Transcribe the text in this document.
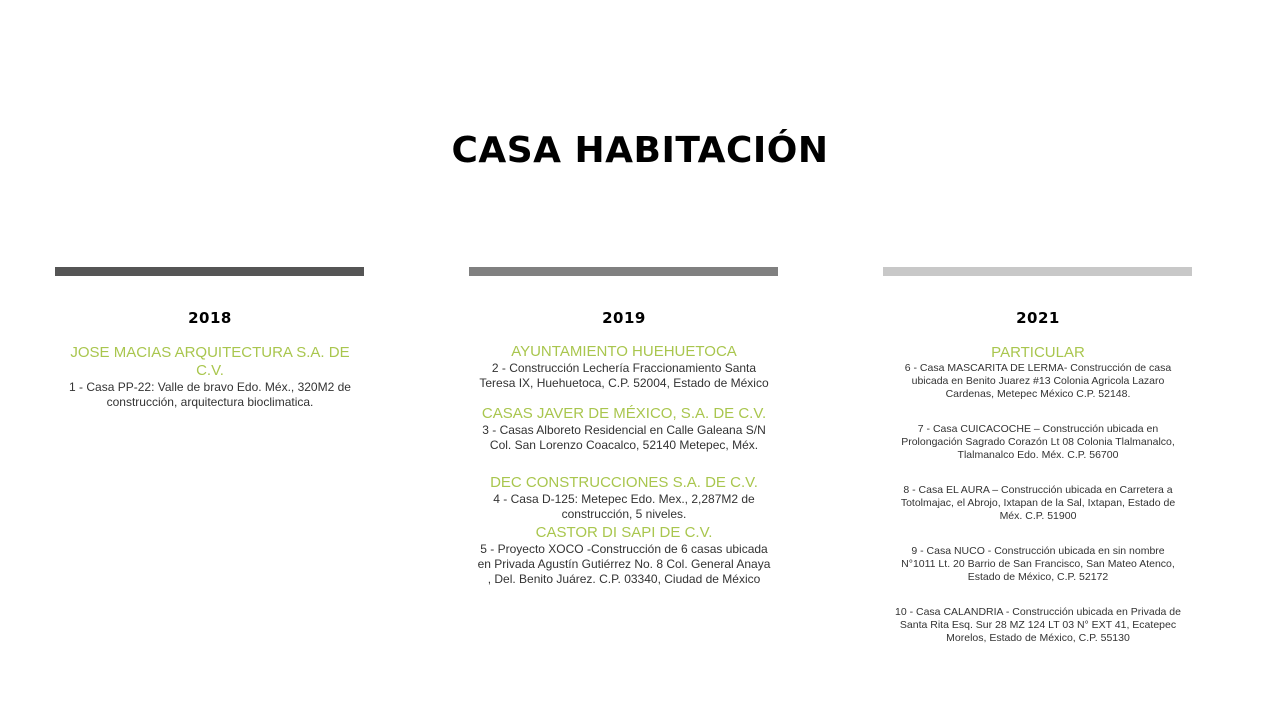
CASA HABITACIÓN
2018
JOSE MACIAS ARQUITECTURA S.A. DE C.V.
1 - Casa PP-22: Valle de bravo Edo. Méx., 320M2 de
construcción, arquitectura bioclimatica.
2019
AYUNTAMIENTO HUEHUETOCA
2 - Construcción Lechería Fraccionamiento Santa
Teresa IX, Huehuetoca, C.P. 52004, Estado de México
CASAS JAVER DE MÉXICO, S.A. DE C.V.
3 - Casas Alboreto Residencial en Calle Galeana S/N
Col. San Lorenzo Coacalco, 52140 Metepec, Méx.
DEC CONSTRUCCIONES S.A. DE C.V.
4 - Casa D-125: Metepec Edo. Mex., 2,287M2 de
construcción, 5 niveles.
CASTOR DI SAPI DE C.V.
5 - Proyecto XOCO -Construcción de 6 casas ubicada
en Privada Agustín Gutiérrez No. 8 Col. General Anaya
, Del. Benito Juárez. C.P. 03340, Ciudad de México
2021
PARTICULAR
6 - Casa MASCARITA DE LERMA- Construcción de casa
ubicada en Benito Juarez #13 Colonia Agricola Lazaro
Cardenas, Metepec México C.P. 52148.
7 - Casa CUICACOCHE – Construcción ubicada en
Prolongación Sagrado Corazón Lt 08 Colonia Tlalmanalco,
Tlalmanalco Edo. Méx. C.P. 56700
8 - Casa EL AURA – Construcción ubicada en Carretera a
Totolmajac, el Abrojo, Ixtapan de la Sal, Ixtapan, Estado de
Méx. C.P. 51900
9 - Casa NUCO - Construcción ubicada en sin nombre
N°1011 Lt. 20 Barrio de San Francisco, San Mateo Atenco,
Estado de México, C.P. 52172
10 - Casa CALANDRIA - Construcción ubicada en Privada de
Santa Rita Esq. Sur 28 MZ 124 LT 03 N° EXT 41, Ecatepec
Morelos, Estado de México, C.P. 55130
